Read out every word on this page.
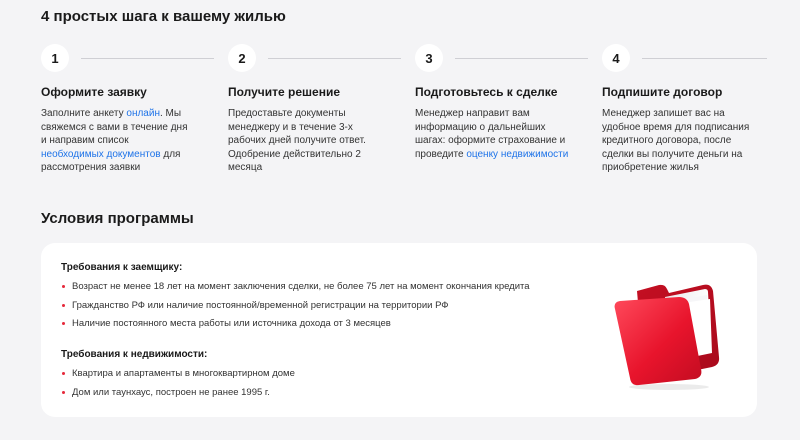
4 простых шага к вашему жилью
1
Оформите заявку
Заполните анкету онлайн. Мы свяжемся с вами в течение дня и направим список необходимых документов для рассмотрения заявки
2
Получите решение
Предоставьте документы менеджеру и в течение 3-х рабочих дней получите ответ. Одобрение действительно 2 месяца
3
Подготовьтесь к сделке
Менеджер направит вам информацию о дальнейших шагах: оформите страхование и проведите оценку недвижимости
4
Подпишите договор
Менеджер запишет вас на удобное время для подписания кредитного договора, после сделки вы получите деньги на приобретение жилья
Условия программы
Требования к заемщику:
Возраст не менее 18 лет на момент заключения сделки, не более 75 лет на момент окончания кредита
Гражданство РФ или наличие постоянной/временной регистрации на территории РФ
Наличие постоянного места работы или источника дохода от 3 месяцев
Требования к недвижимости:
Квартира и апартаменты в многоквартирном доме
Дом или таунхаус, построен не ранее 1995 г.
